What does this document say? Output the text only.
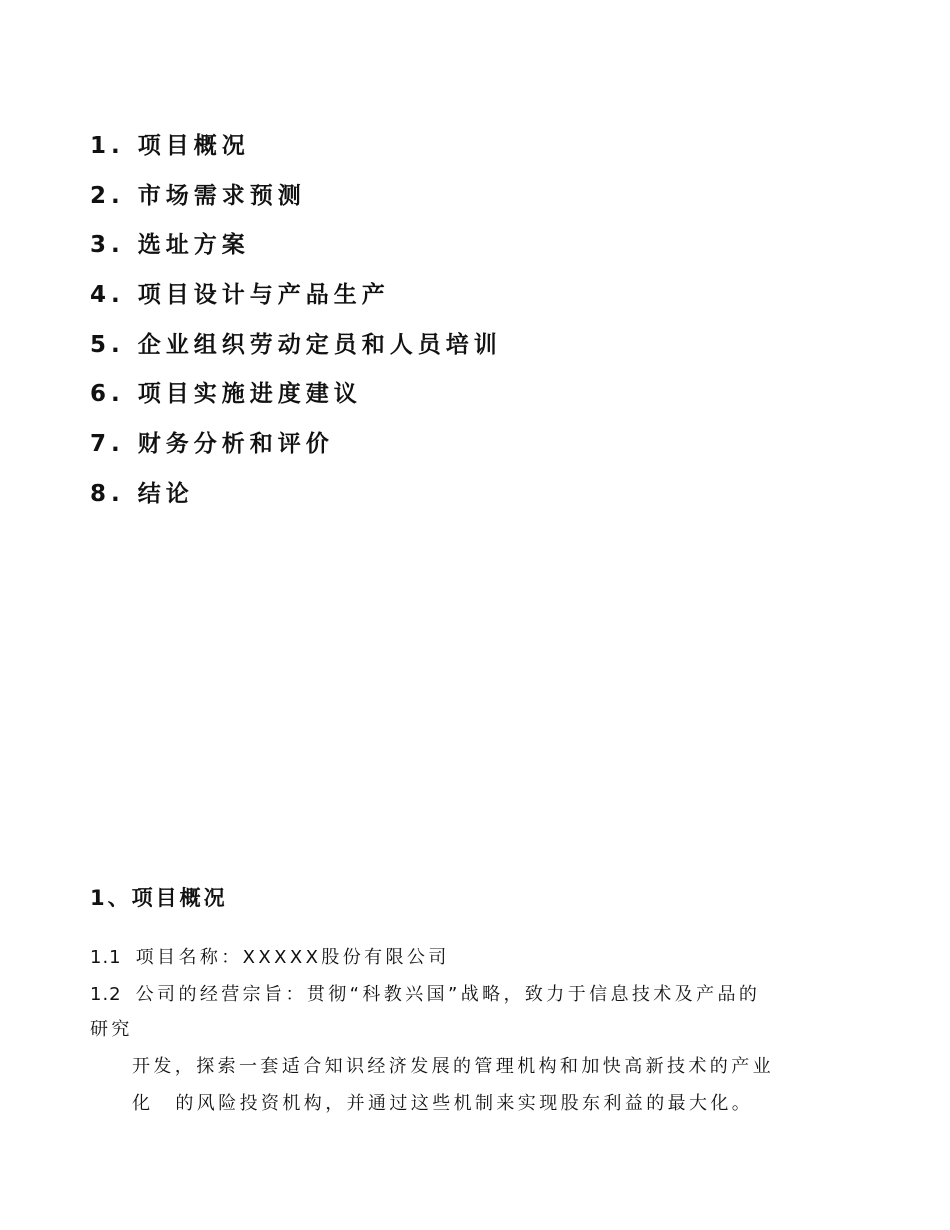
1. 项目概况
2. 市场需求预测
3. 选址方案
4. 项目设计与产品生产
5. 企业组织劳动定员和人员培训
6. 项目实施进度建议
7. 财务分析和评价
8. 结论
1、项目概况

1.1 项目名称：XXXXX股份有限公司

1.2 公司的经营宗旨：贯彻“科教兴国”战略，致力于信息技术及产品的

研究

开发，探索一套适合知识经济发展的管理机构和加快高新技术的产业

化 的风险投资机构，并通过这些机制来实现股东利益的最大化。
